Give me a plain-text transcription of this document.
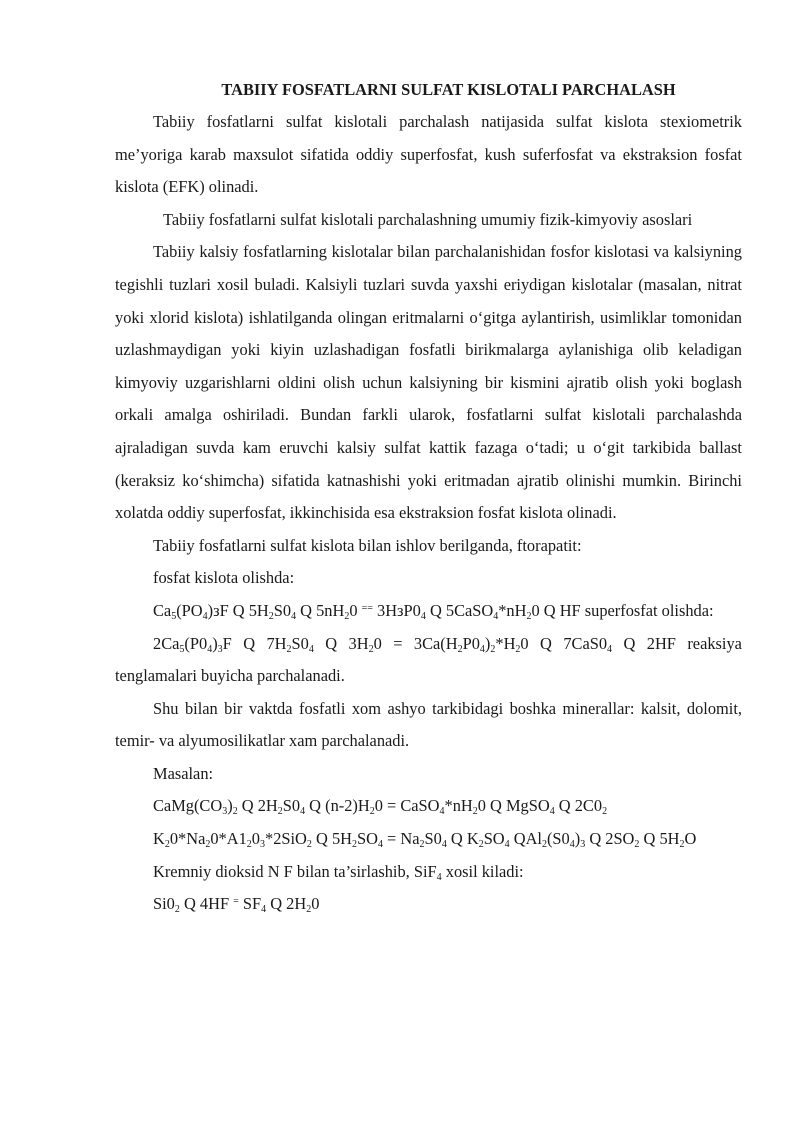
TABIIY FOSFATLARNI SULFAT KISLOTALI PARCHALASH

Tabiiy fosfatlarni sulfat kislotali parchalash natijasida sulfat kislota stexiometrik me’yoriga karab maxsulot sifatida oddiy superfosfat, kush suferfosfat va ekstraksion fosfat kislota (EFK) olinadi.

Tabiiy fosfatlarni sulfat kislotali parchalashning umumiy fizik-kimyoviy asoslari

Tabiiy kalsiy fosfatlarning kislotalar bilan parchalanishidan fosfor kislotasi va kalsiyning tegishli tuzlari xosil buladi. Kalsiyli tuzlari suvda yaxshi eriydigan kislotalar (masalan, nitrat yoki xlorid kislota) ishlatilganda olingan eritmalarni o‘gitga aylantirish, usimliklar tomonidan uzlashmaydigan yoki kiyin uzlashadigan fosfatli birikmalarga aylanishiga olib keladigan kimyoviy uzgarishlarni oldini olish uchun kalsiyning bir kismini ajratib olish yoki boglash orkali amalga oshiriladi. Bundan farkli ularok, fosfatlarni sulfat kislotali parchalashda ajraladigan suvda kam eruvchi kalsiy sulfat kattik fazaga o‘tadi; u o‘git tarkibida ballast (keraksiz ko‘shimcha) sifatida katnashishi yoki eritmadan ajratib olinishi mumkin. Birinchi xolatda oddiy superfosfat, ikkinchisida esa ekstraksion fosfat kislota olinadi.

Tabiiy fosfatlarni sulfat kislota bilan ishlov berilganda, ftorapatit:

fosfat kislota olishda:

$Ca_5(PO_4)зF$ Q $5H_2S0_4$ Q $5nH_20$ == $3HзP0_4$ Q $5CaSO_4*nH_20$ Q HF superfosfat olishda:

$2Ca_5(P0_4)_3F$ Q $7H_2S0_4$ Q $3H_20 = 3Ca(H_2P0_4)_2*H_20$ Q $7CaS0_4$ Q 2HF reaksiya tenglamalari buyicha parchalanadi.

Shu bilan bir vaktda fosfatli xom ashyo tarkibidagi boshka minerallar: kalsit, dolomit, temir- va alyumosilikatlar xam parchalanadi.

Masalan:

$CaMg(CO_3)_2$ Q $2H_2S0_4$ Q $(n-2)H_20$ = $CaSO_4*nH_20$ Q MgSO$_4$ Q $2C0_2$

$K_20*Na_20*A1_20_3*2SiO_2$ Q $5H_2SO_4 = Na_2S0_4$ Q $K_2SO_4$ $QAl_2(S0_4)_3$ Q $2SO_2$ Q $5H_2O$

Kremniy dioksid N F bilan ta’sirlashib, SiF$_4$ xosil kiladi:

$Si0_2$ Q 4HF = $SF_4$ Q $2H_20$
